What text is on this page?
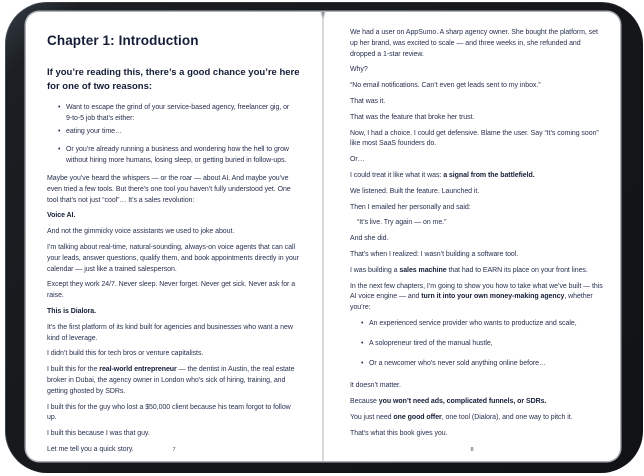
Chapter 1: Introduction
If you’re reading this, there’s a good chance you’re here for one of two reasons:
• Want to escape the grind of your service-based agency, freelancer gig, or 9-to-5 job that’s either:
• eating your time…
• Or you’re already running a business and wondering how the hell to grow without hiring more humans, losing sleep, or getting buried in follow-ups.

Maybe you’ve heard the whispers — or the roar — about AI. And maybe you’ve even tried a few tools. But there’s one tool you haven’t fully understood yet. One tool that’s not just “cool”… It’s a sales revolution:

Voice AI.

And not the gimmicky voice assistants we used to joke about.

I’m talking about real-time, natural-sounding, always-on voice agents that can call your leads, answer questions, qualify them, and book appointments directly in your calendar — just like a trained salesperson.

Except they work 24/7. Never sleep. Never forget. Never get sick. Never ask for a raise.

This is Dialora.

It’s the first platform of its kind built for agencies and businesses who want a new kind of leverage.

I didn’t build this for tech bros or venture capitalists.

I built this for the real-world entrepreneur — the dentist in Austin, the real estate broker in Dubai, the agency owner in London who’s sick of hiring, training, and getting ghosted by SDRs.

I built this for the guy who lost a $50,000 client because his team forgot to follow up.

I built this because I was that guy.

Let me tell you a quick story.	7

We had a user on AppSumo. A sharp agency owner. She bought the platform, set up her brand, was excited to scale — and three weeks in, she refunded and dropped a 1-star review.

Why?

“No email notifications. Can’t even get leads sent to my inbox.”

That was it.

That was the feature that broke her trust.

Now, I had a choice. I could get defensive. Blame the user. Say “It’s coming soon” like most SaaS founders do.

Or…

I could treat it like what it was: a signal from the battlefield.

We listened. Built the feature. Launched it.

Then I emailed her personally and said:

“It’s live. Try again — on me.”

And she did.

That’s when I realized: I wasn’t building a software tool.

I was building a sales machine that had to EARN its place on your front lines.

In the next few chapters, I’m going to show you how to take what we’ve built — this AI voice engine — and turn it into your own money-making agency, whether you’re:

• An experienced service provider who wants to productize and scale,
• A solopreneur tired of the manual hustle,
• Or a newcomer who’s never sold anything online before…

It doesn’t matter.

Because you won’t need ads, complicated funnels, or SDRs.

You just need one good offer, one tool (Dialora), and one way to pitch it.

That’s what this book gives you.

8
